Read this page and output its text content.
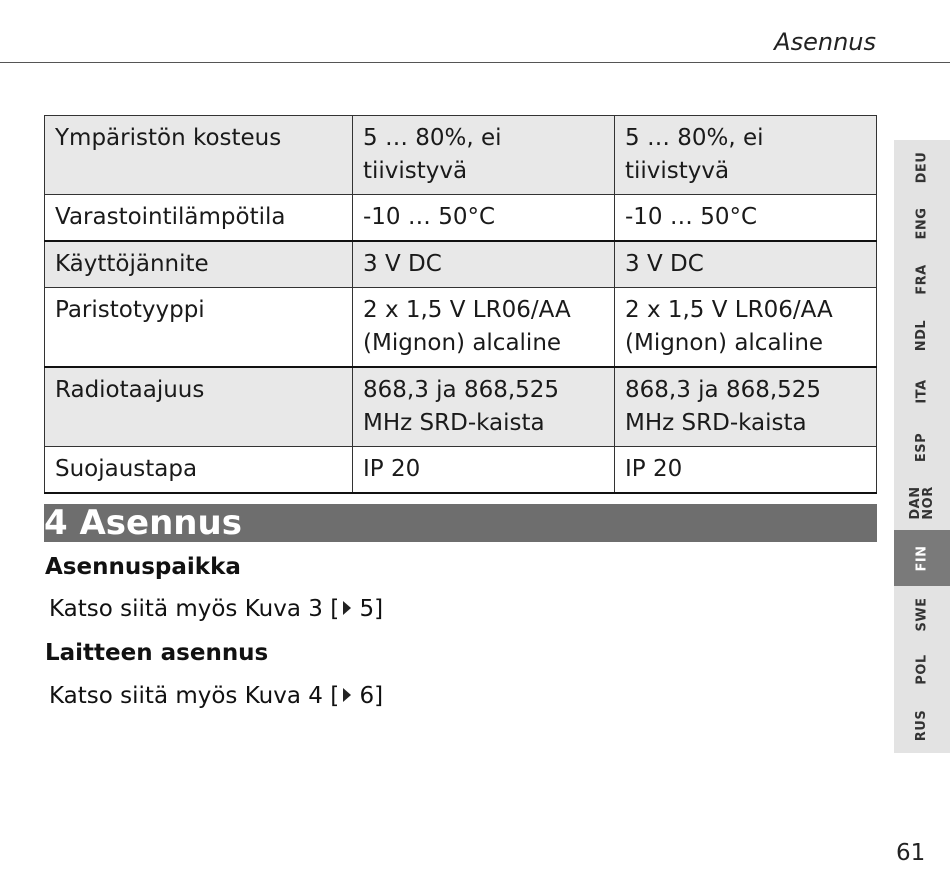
Asennus
Ympäristön kosteus	5 … 80%, ei tiivistyvä	5 … 80%, ei tiivistyvä
Varastointilämpötila	-10 … 50°C	-10 … 50°C
Käyttöjännite	3 V DC	3 V DC
Paristotyyppi	2 x 1,5 V LR06/AA (Mignon) alcaline	2 x 1,5 V LR06/AA (Mignon) alcaline
Radiotaajuus	868,3 ja 868,525 MHz SRD-kaista	868,3 ja 868,525 MHz SRD-kaista
Suojaustapa	IP 20	IP 20
4 Asennus
Asennuspaikka
Katso siitä myös Kuva 3 [ 5]
Laitteen asennus
Katso siitä myös Kuva 4 [ 6]
DEU
ENG
FRA
NDL
ITA
ESP
DAN NOR
FIN
SWE
POL
RUS
61
